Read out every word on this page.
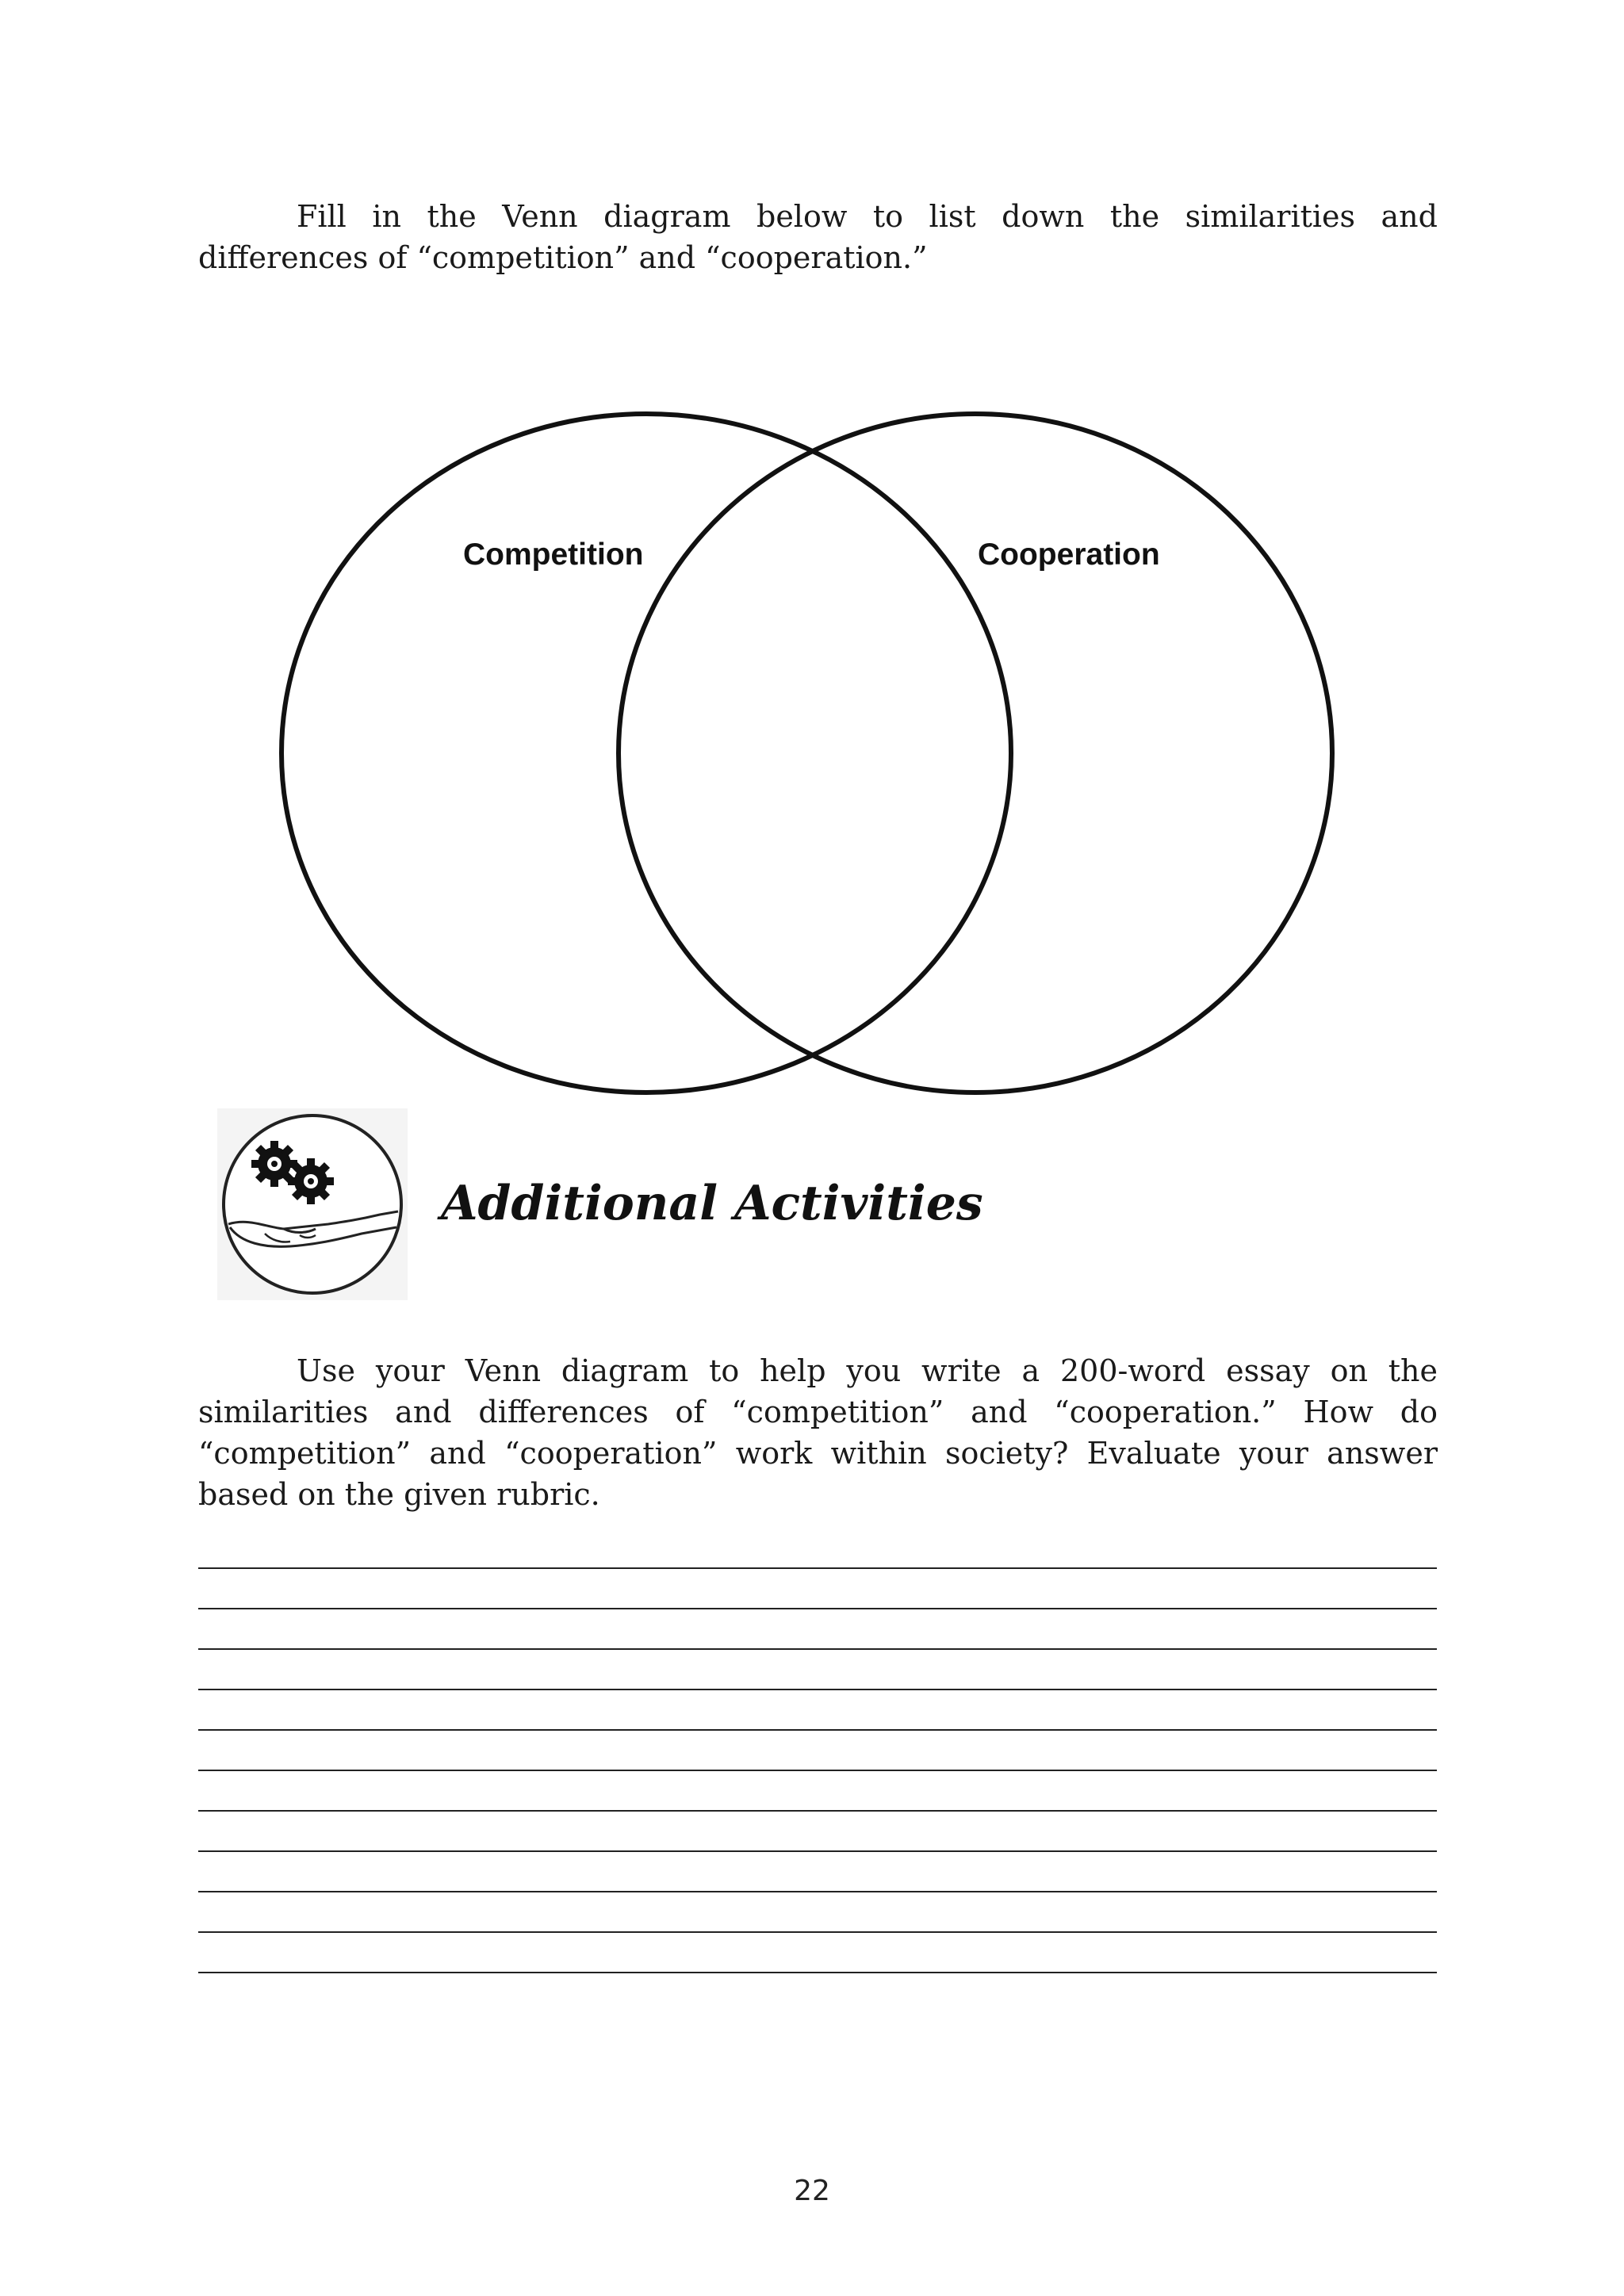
Fill in the Venn diagram below to list down the similarities and differences of “competition” and “cooperation.”

Competition	Cooperation
Additional Activities

Use your Venn diagram to help you write a 200-word essay on the similarities and differences of “competition” and “cooperation.” How do “competition” and “cooperation” work within society? Evaluate your answer based on the given rubric.

22
